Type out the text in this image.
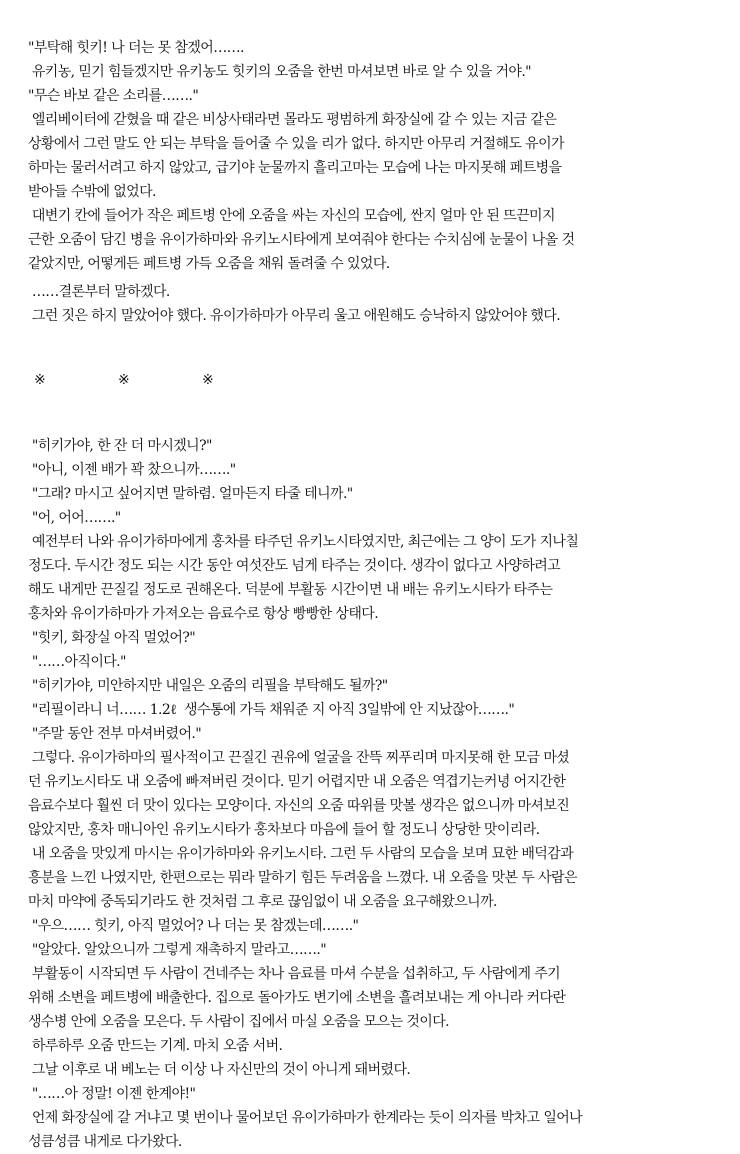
"부탁해 힛키! 나 더는 못 참겠어…….

유키농, 믿기 힘들겠지만 유키농도 힛키의 오줌을 한번 마셔보면 바로 알 수 있을 거야."

"무슨 바보 같은 소리를……."

엘리베이터에 갇혔을 때 같은 비상사태라면 몰라도 평범하게 화장실에 갈 수 있는 지금 같은

상황에서 그런 말도 안 되는 부탁을 들어줄 수 있을 리가 없다. 하지만 아무리 거절해도 유이가

하마는 물러서려고 하지 않았고, 급기야 눈물까지 흘리고마는 모습에 나는 마지못해 페트병을

받아들 수밖에 없었다.

대변기 칸에 들어가 작은 페트병 안에 오줌을 싸는 자신의 모습에, 싼지 얼마 안 된 뜨끈미지

근한 오줌이 담긴 병을 유이가하마와 유키노시타에게 보여줘야 한다는 수치심에 눈물이 나올 것

같았지만, 어떻게든 페트병 가득 오줌을 채워 돌려줄 수 있었다.

……결론부터 말하겠다.

그런 짓은 하지 말았어야 했다. 유이가하마가 아무리 울고 애원해도 승낙하지 않았어야 했다.

※	※	※

"히키가야, 한 잔 더 마시겠니?"

"아니, 이젠 배가 꽉 찼으니까……."

"그래? 마시고 싶어지면 말하렴. 얼마든지 타줄 테니까."

"어, 어어……."

예전부터 나와 유이가하마에게 홍차를 타주던 유키노시타였지만, 최근에는 그 양이 도가 지나칠

정도다. 두시간 정도 되는 시간 동안 여섯잔도 넘게 타주는 것이다. 생각이 없다고 사양하려고

해도 내게만 끈질길 정도로 권해온다. 덕분에 부활동 시간이면 내 배는 유키노시타가 타주는

홍차와 유이가하마가 가져오는 음료수로 항상 빵빵한 상태다.

"힛키, 화장실 아직 멀었어?"

"……아직이다."

"히키가야, 미안하지만 내일은 오줌의 리필을 부탁해도 될까?"

"리필이라니 너…… 1.2ℓ  생수통에 가득 채워준 지 아직 3일밖에 안 지났잖아……."

"주말 동안 전부 마셔버렸어."

그렇다. 유이가하마의 필사적이고 끈질긴 권유에 얼굴을 잔뜩 찌푸리며 마지못해 한 모금 마셨

던 유키노시타도 내 오줌에 빠져버린 것이다. 믿기 어렵지만 내 오줌은 역겹기는커녕 어지간한

음료수보다 훨씬 더 맛이 있다는 모양이다. 자신의 오줌 따위를 맛볼 생각은 없으니까 마셔보진

않았지만, 홍차 매니아인 유키노시타가 홍차보다 마음에 들어 할 정도니 상당한 맛이리라.

내 오줌을 맛있게 마시는 유이가하마와 유키노시타. 그런 두 사람의 모습을 보며 묘한 배덕감과

흥분을 느낀 나였지만, 한편으로는 뭐라 말하기 힘든 두려움을 느꼈다. 내 오줌을 맛본 두 사람은

마치 마약에 중독되기라도 한 것처럼 그 후로 끊임없이 내 오줌을 요구해왔으니까.

"우으…… 힛키, 아직 멀었어? 나 더는 못 참겠는데……."

"알았다. 알았으니까 그렇게 재촉하지 말라고……."

부활동이 시작되면 두 사람이 건네주는 차나 음료를 마셔 수분을 섭취하고, 두 사람에게 주기

위해 소변을 페트병에 배출한다. 집으로 돌아가도 변기에 소변을 흘려보내는 게 아니라 커다란

생수병 안에 오줌을 모은다. 두 사람이 집에서 마실 오줌을 모으는 것이다.

하루하루 오줌 만드는 기계. 마치 오줌 서버.

그날 이후로 내 베노는 더 이상 나 자신만의 것이 아니게 돼버렸다.

"……아 정말! 이젠 한계야!"

언제 화장실에 갈 거냐고 몇 번이나 물어보던 유이가하마가 한계라는 듯이 의자를 박차고 일어나

성큼성큼 내게로 다가왔다.
